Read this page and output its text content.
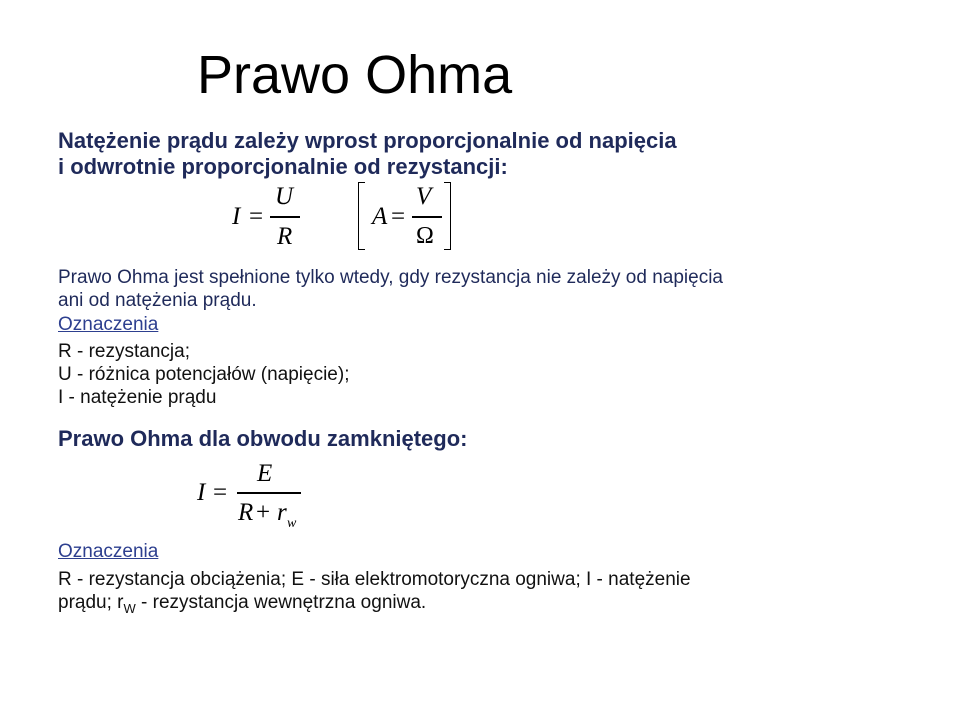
Prawo Ohma
Natężenie prądu zależy wprost proporcjonalnie od napięcia
i odwrotnie proporcjonalnie od rezystancji:
I =
U
R
A =
V
Ω
Prawo Ohma jest spełnione tylko wtedy, gdy rezystancja nie zależy od napięcia
ani od natężenia prądu.
Oznaczenia
R - rezystancja;
U - różnica potencjałów (napięcie);
I - natężenie prądu
Prawo Ohma dla obwodu zamkniętego:
I =
E
R + r w
Oznaczenia
R - rezystancja obciążenia; E - siła elektromotoryczna ogniwa; I - natężenie
prądu; $r_W$ - rezystancja wewnętrzna ogniwa.
